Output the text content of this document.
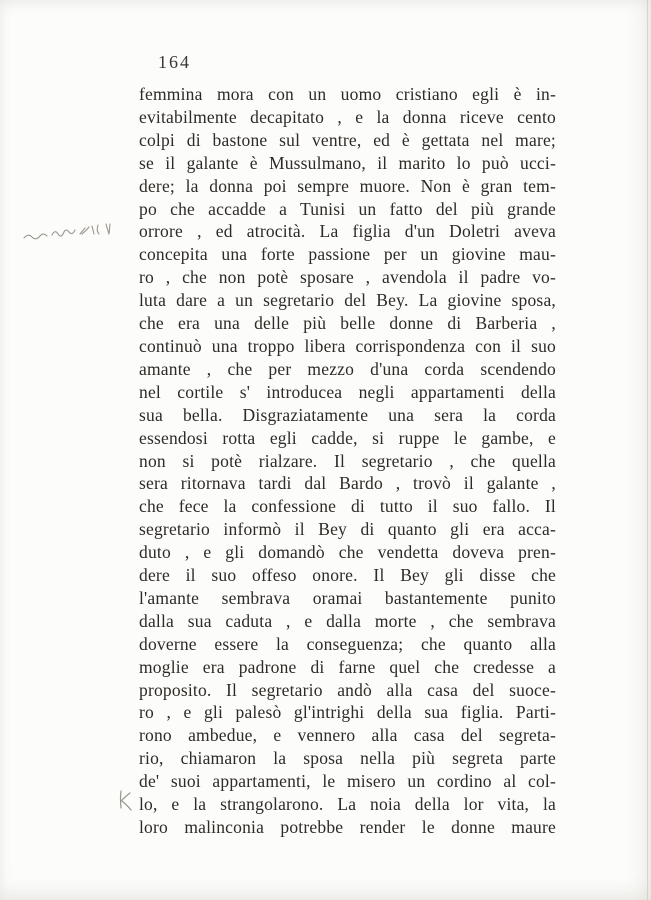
164
femmina mora con un uomo cristiano egli è in-
evitabilmente decapitato , e la donna riceve cento
colpi di bastone sul ventre, ed è gettata nel mare;
se il galante è Mussulmano, il marito lo può ucci-
dere; la donna poi sempre muore. Non è gran tem-
po che accadde a Tunisi un fatto del più grande
orrore , ed atrocità. La figlia d'un Doletri aveva
concepita una forte passione per un giovine mau-
ro , che non potè sposare , avendola il padre vo-
luta dare a un segretario del Bey. La giovine sposa,
che era una delle più belle donne di Barberia ,
continuò una troppo libera corrispondenza con il suo
amante , che per mezzo d'una corda scendendo
nel cortile s' introducea negli appartamenti della
sua bella. Disgraziatamente una sera la corda
essendosi rotta egli cadde, si ruppe le gambe, e
non si potè rialzare. Il segretario , che quella
sera ritornava tardi dal Bardo , trovò il galante ,
che fece la confessione di tutto il suo fallo. Il
segretario informò il Bey di quanto gli era acca-
duto , e gli domandò che vendetta doveva pren-
dere il suo offeso onore. Il Bey gli disse che
l'amante sembrava oramai bastantemente punito
dalla sua caduta , e dalla morte , che sembrava
doverne essere la conseguenza; che quanto alla
moglie era padrone di farne quel che credesse a
proposito. Il segretario andò alla casa del suoce-
ro , e gli palesò gl'intrighi della sua figlia. Parti-
rono ambedue, e vennero alla casa del segreta-
rio, chiamaron la sposa nella più segreta parte
de' suoi appartamenti, le misero un cordino al col-
lo, e la strangolarono. La noia della lor vita, la
loro malinconia potrebbe render le donne maure
